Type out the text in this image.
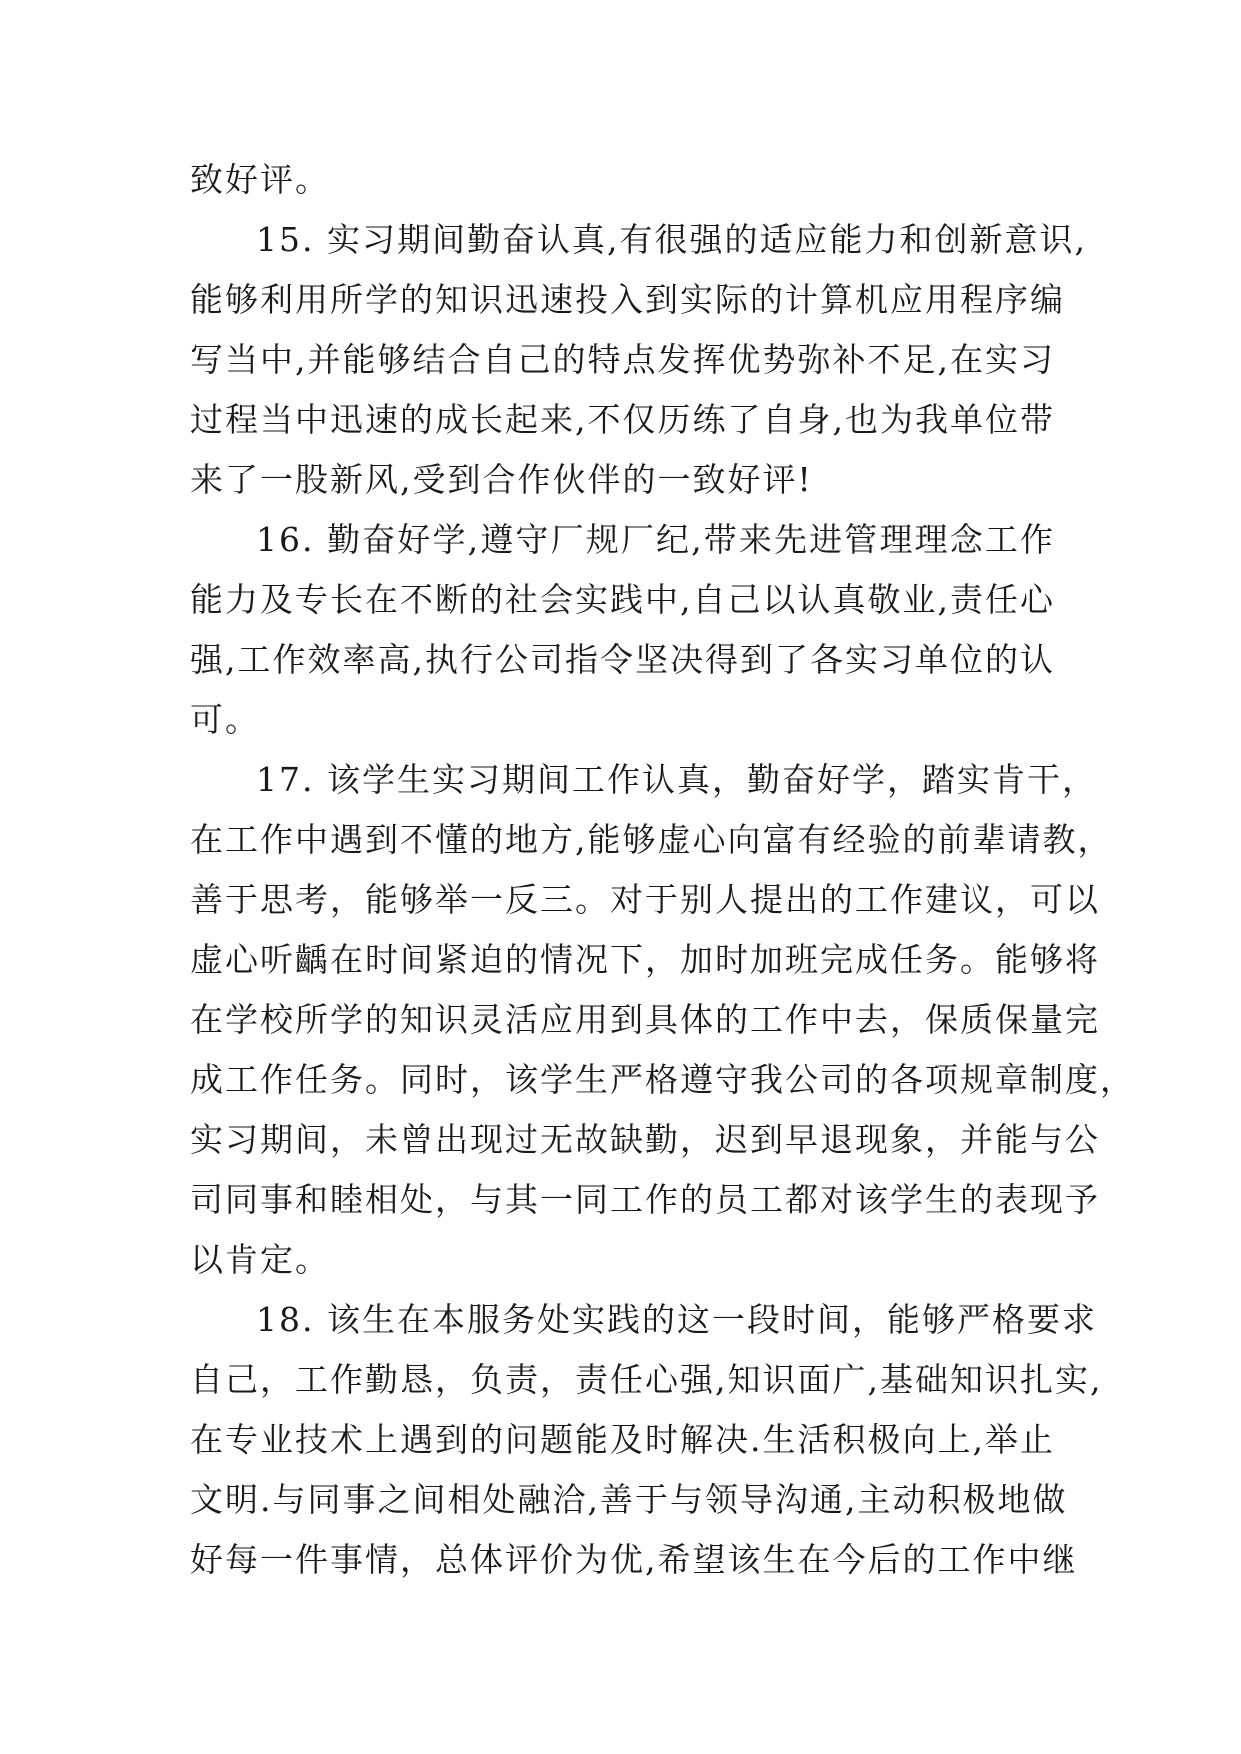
致好评。
15. 实习期间勤奋认真,有很强的适应能力和创新意识,
能够利用所学的知识迅速投入到实际的计算机应用程序编
写当中,并能够结合自己的特点发挥优势弥补不足,在实习
过程当中迅速的成长起来,不仅历练了自身,也为我单位带
来了一股新风,受到合作伙伴的一致好评!
16. 勤奋好学,遵守厂规厂纪,带来先进管理理念工作
能力及专长在不断的社会实践中,自己以认真敬业,责任心
强,工作效率高,执行公司指令坚决得到了各实习单位的认
可。
17. 该学生实习期间工作认真，勤奋好学，踏实肯干，
在工作中遇到不懂的地方,能够虚心向富有经验的前辈请教，
善于思考，能够举一反三。对于别人提出的工作建议，可以
虚心听齲在时间紧迫的情况下，加时加班完成任务。能够将
在学校所学的知识灵活应用到具体的工作中去，保质保量完
成工作任务。同时，该学生严格遵守我公司的各项规章制度，
实习期间，未曾出现过无故缺勤，迟到早退现象，并能与公
司同事和睦相处，与其一同工作的员工都对该学生的表现予
以肯定。
18. 该生在本服务处实践的这一段时间，能够严格要求
自己，工作勤恳，负责，责任心强,知识面广,基础知识扎实,
在专业技术上遇到的问题能及时解决.生活积极向上,举止
文明.与同事之间相处融洽,善于与领导沟通,主动积极地做
好每一件事情，总体评价为优,希望该生在今后的工作中继
